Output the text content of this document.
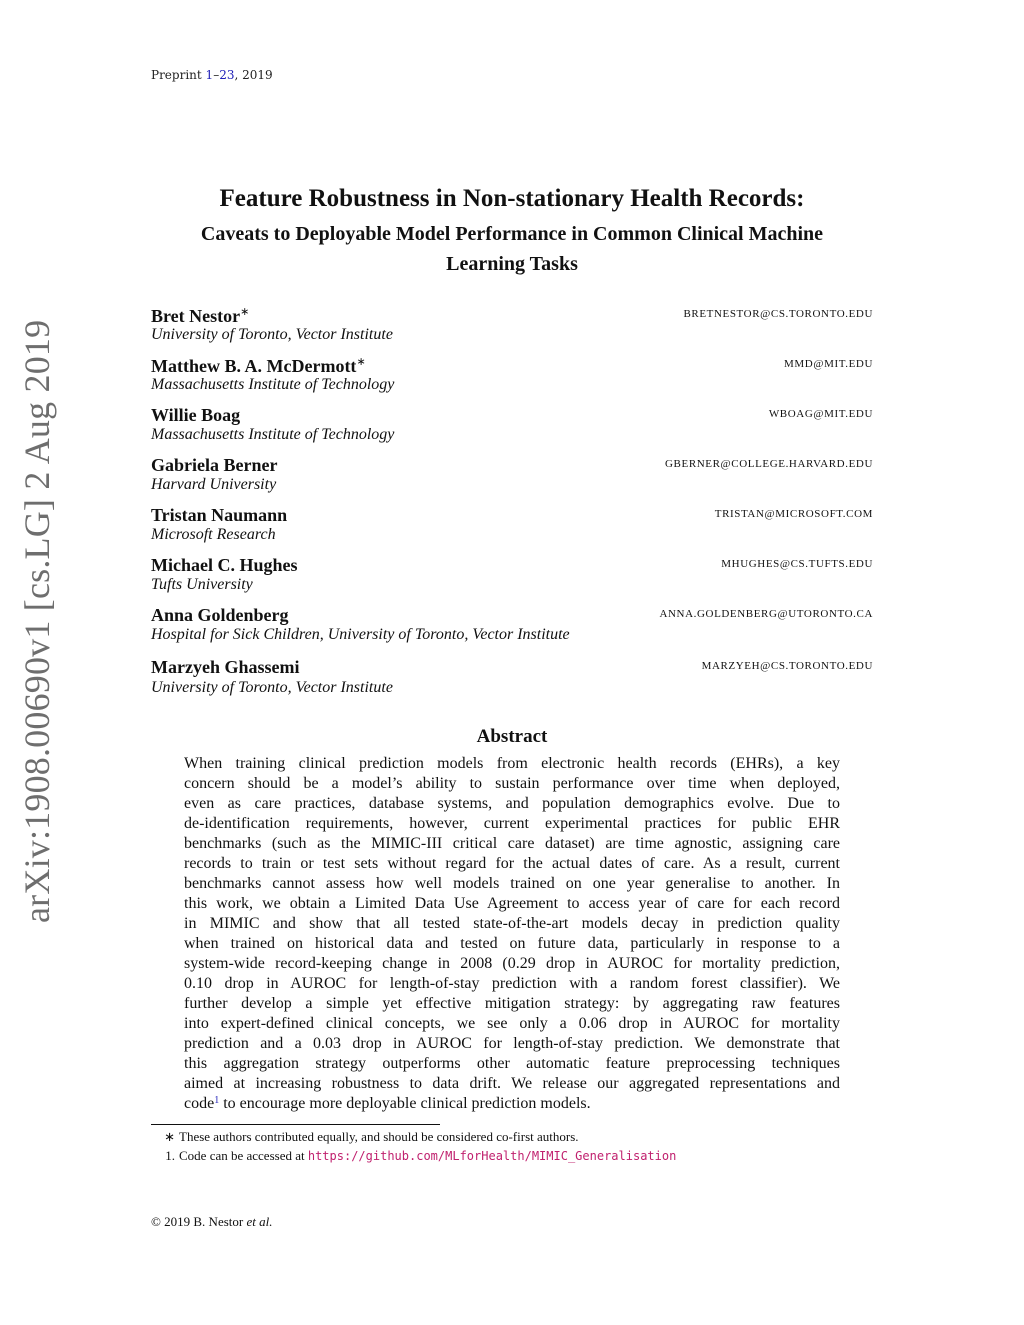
Preprint 1–23, 2019
arXiv:1908.00690v1 [cs.LG] 2 Aug 2019
Feature Robustness in Non-stationary Health Records:
Caveats to Deployable Model Performance in Common Clinical Machine
Learning Tasks
Bret Nestor∗	BRETNESTOR@CS.TORONTO.EDU
University of Toronto, Vector Institute
Matthew B. A. McDermott∗	MMD@MIT.EDU
Massachusetts Institute of Technology
Willie Boag	WBOAG@MIT.EDU
Massachusetts Institute of Technology
Gabriela Berner	GBERNER@COLLEGE.HARVARD.EDU
Harvard University
Tristan Naumann	TRISTAN@MICROSOFT.COM
Microsoft Research
Michael C. Hughes	MHUGHES@CS.TUFTS.EDU
Tufts University
Anna Goldenberg	ANNA.GOLDENBERG@UTORONTO.CA
Hospital for Sick Children, University of Toronto, Vector Institute
Marzyeh Ghassemi	MARZYEH@CS.TORONTO.EDU
University of Toronto, Vector Institute
Abstract
When training clinical prediction models from electronic health records (EHRs), a key
concern should be a model’s ability to sustain performance over time when deployed,
even as care practices, database systems, and population demographics evolve. Due to
de-identification requirements, however, current experimental practices for public EHR
benchmarks (such as the MIMIC-III critical care dataset) are time agnostic, assigning care
records to train or test sets without regard for the actual dates of care. As a result, current
benchmarks cannot assess how well models trained on one year generalise to another. In
this work, we obtain a Limited Data Use Agreement to access year of care for each record
in MIMIC and show that all tested state-of-the-art models decay in prediction quality
when trained on historical data and tested on future data, particularly in response to a
system-wide record-keeping change in 2008 (0.29 drop in AUROC for mortality prediction,
0.10 drop in AUROC for length-of-stay prediction with a random forest classifier). We
further develop a simple yet effective mitigation strategy: by aggregating raw features
into expert-defined clinical concepts, we see only a 0.06 drop in AUROC for mortality
prediction and a 0.03 drop in AUROC for length-of-stay prediction. We demonstrate that
this aggregation strategy outperforms other automatic feature preprocessing techniques
aimed at increasing robustness to data drift. We release our aggregated representations and
code$^1$ to encourage more deployable clinical prediction models.
∗ These authors contributed equally, and should be considered co-first authors.
1. Code can be accessed at https://github.com/MLforHealth/MIMIC_Generalisation
© 2019 B. Nestor et al.
